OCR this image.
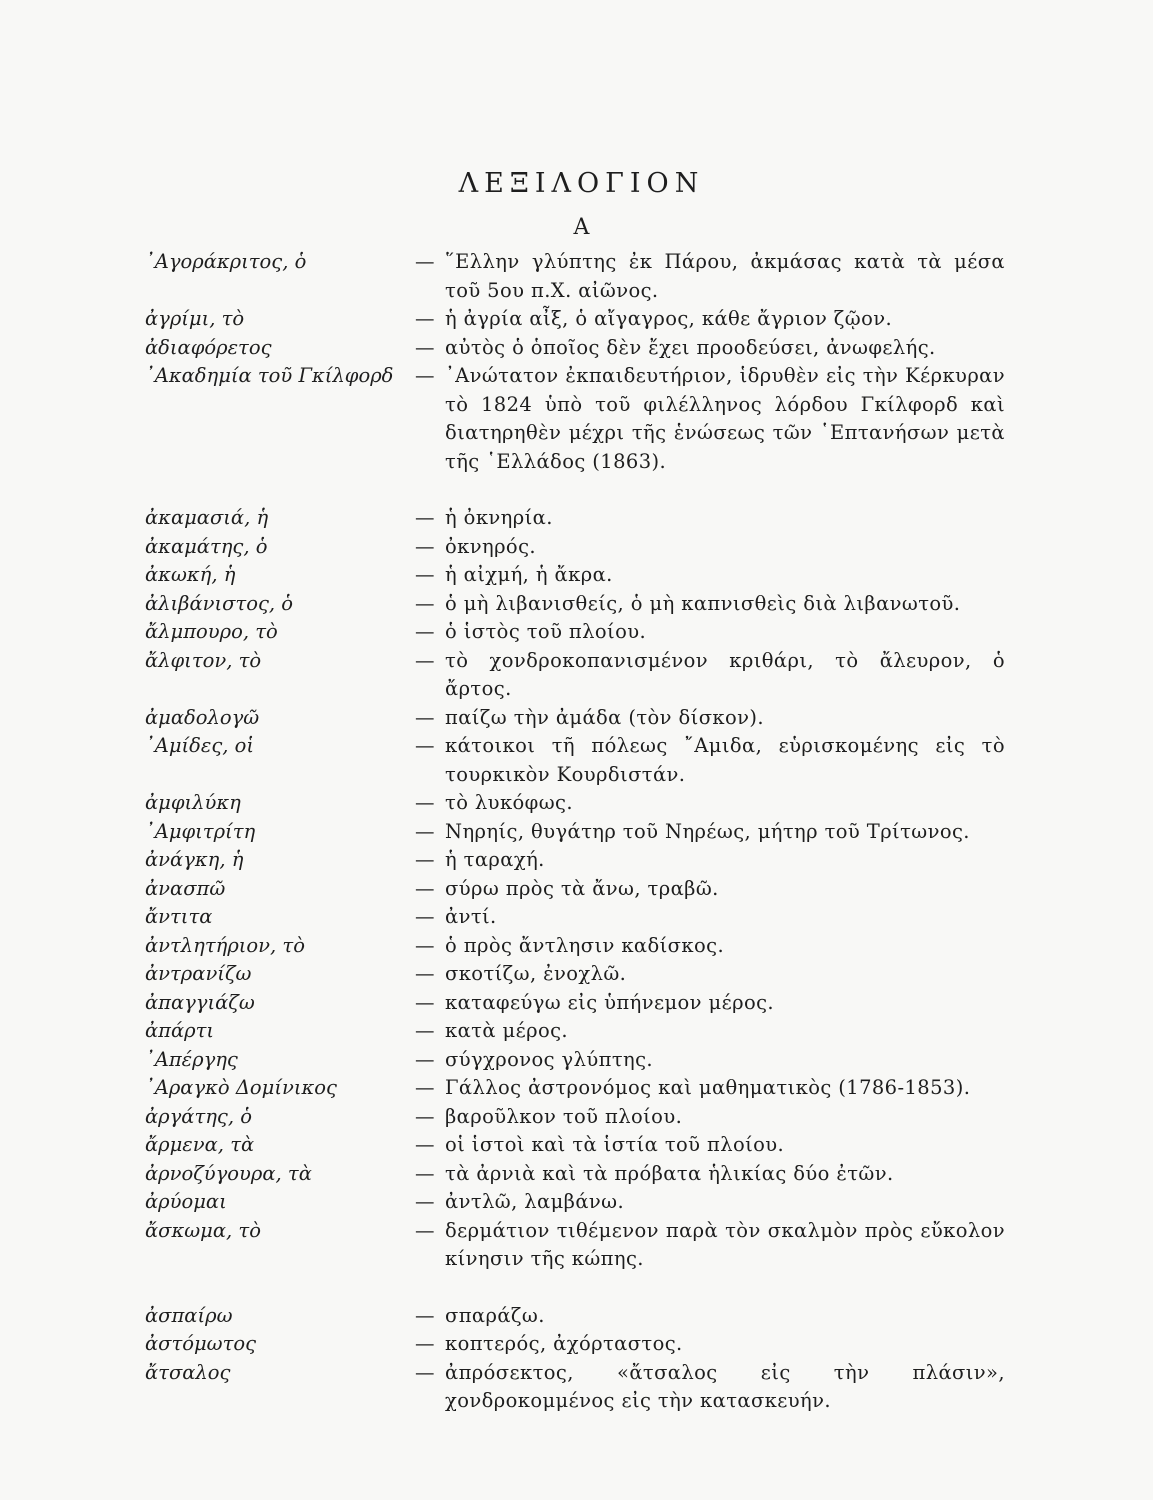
ΛΕΞΙΛΟΓΙΟΝ
Α
᾿Αγοράκριτος, ὁ	— ῞Ελλην γλύπτης ἐκ Πάρου, ἀκμάσας κατὰ τὰ μέσα τοῦ 5ου π.Χ. αἰῶνος.
ἀγρίμι, τὸ	— ἡ ἀγρία αἶξ, ὁ αἴγαγρος, κάθε ἄγριον ζῷον.
ἀδιαφόρετος	— αὐτὸς ὁ ὁποῖος δὲν ἔχει προοδεύσει, ἀνωφελής.
᾿Ακαδημία τοῦ Γκίλφορδ	— ᾿Ανώτατον ἐκπαιδευτήριον, ἱδρυθὲν εἰς τὴν Κέρκυραν τὸ 1824 ὑπὸ τοῦ φιλέλληνος λόρδου Γκίλφορδ καὶ διατηρηθὲν μέχρι τῆς ἑνώσεως τῶν ῾Επτανήσων μετὰ τῆς ῾Ελλάδος (1863).
ἀκαμασιά, ἡ	— ἡ ὀκνηρία.
ἀκαμάτης, ὁ	— ὀκνηρός.
ἀκωκή, ἡ	— ἡ αἰχμή, ἡ ἄκρα.
ἀλιβάνιστος, ὁ	— ὁ μὴ λιβανισθείς, ὁ μὴ καπνισθεὶς διὰ λιβανωτοῦ.
ἄλμπουρο, τὸ	— ὁ ἱστὸς τοῦ πλοίου.
ἄλφιτον, τὸ	— τὸ χονδροκοπανισμένον κριθάρι, τὸ ἄλευρον, ὁ ἄρτος.
ἀμαδολογῶ	— παίζω τὴν ἀμάδα (τὸν δίσκον).
᾿Αμίδες, οἱ	— κάτοικοι τῆ πόλεως ῎Αμιδα, εὑρισκομένης εἰς τὸ τουρκικὸν Κουρδιστάν.
ἀμφιλύκη	— τὸ λυκόφως.
᾿Αμφιτρίτη	— Νηρηίς, θυγάτηρ τοῦ Νηρέως, μήτηρ τοῦ Τρίτωνος.
ἀνάγκη, ἡ	— ἡ ταραχή.
ἀνασπῶ	— σύρω πρὸς τὰ ἄνω, τραβῶ.
ἄντιτα	— ἀντί.
ἀντλητήριον, τὸ	— ὁ πρὸς ἄντλησιν καδίσκος.
ἀντρανίζω	— σκοτίζω, ἐνοχλῶ.
ἀπαγγιάζω	— καταφεύγω εἰς ὑπήνεμον μέρος.
ἀπάρτι	— κατὰ μέρος.
᾿Απέργης	— σύγχρονος γλύπτης.
᾿Αραγκὸ Δομίνικος	— Γάλλος ἀστρονόμος καὶ μαθηματικὸς (1786-1853).
ἀργάτης, ὁ	— βαροῦλκον τοῦ πλοίου.
ἄρμενα, τὰ	— οἱ ἱστοὶ καὶ τὰ ἱστία τοῦ πλοίου.
ἀρνοζύγουρα, τὰ	— τὰ ἀρνιὰ καὶ τὰ πρόβατα ἡλικίας δύο ἐτῶν.
ἀρύομαι	— ἀντλῶ, λαμβάνω.
ἄσκωμα, τὸ	— δερμάτιον τιθέμενον παρὰ τὸν σκαλμὸν πρὸς εὔκολον κίνησιν τῆς κώπης.
ἀσπαίρω	— σπαράζω.
ἀστόμωτος	— κοπτερός, ἀχόρταστος.
ἄτσαλος	— ἀπρόσεκτος, «ἄτσαλος εἰς τὴν πλάσιν», χονδροκομμένος εἰς τὴν κατασκευήν.
